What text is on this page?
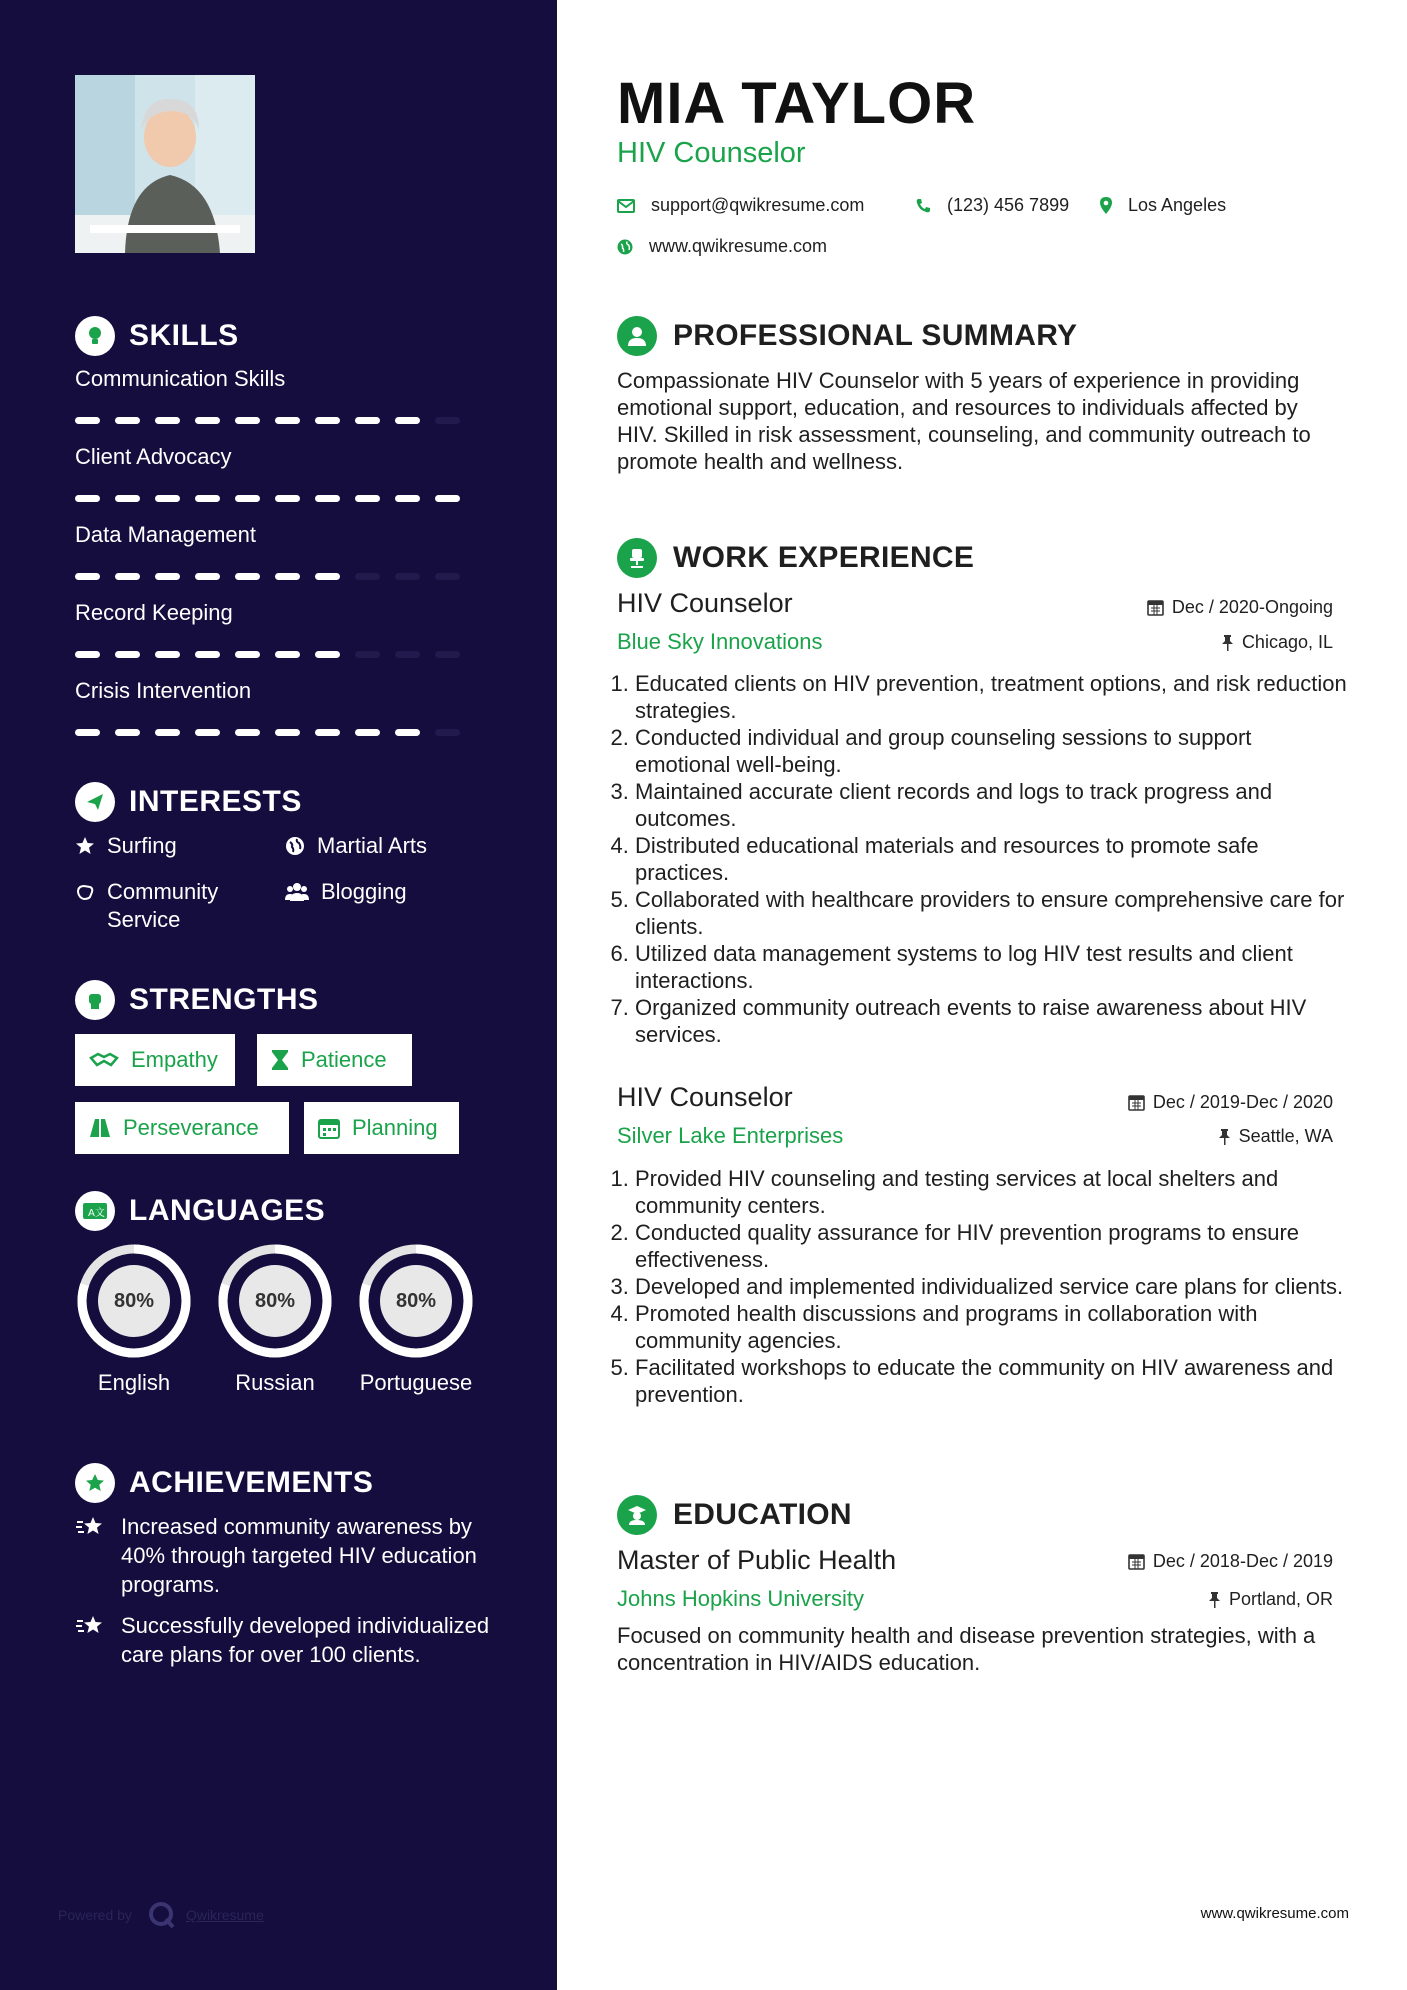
SKILLS
Communication Skills
Client Advocacy
Data Management
Record Keeping
Crisis Intervention
INTERESTS
Surfing	Martial Arts
Community Service
Blogging
STRENGTHS
Empathy	Patience
Perseverance	Planning
A文 LANGUAGES
80%
English
80%
Russian
80%
Portuguese
ACHIEVEMENTS
Increased community awareness by 40% through targeted HIV education programs.
Successfully developed individualized care plans for over 100 clients.
Powered by	Qwikresume
MIA TAYLOR
HIV Counselor
support@qwikresume.com	(123) 456 7899	Los Angeles
www.qwikresume.com
PROFESSIONAL SUMMARY
Compassionate HIV Counselor with 5 years of experience in providing emotional support, education, and resources to individuals affected by HIV. Skilled in risk assessment, counseling, and community outreach to promote health and wellness.
WORK EXPERIENCE
HIV Counselor	Dec / 2020-Ongoing
Blue Sky Innovations	Chicago, IL
1. Educated clients on HIV prevention, treatment options, and risk reduction strategies.
2. Conducted individual and group counseling sessions to support emotional well-being.
3. Maintained accurate client records and logs to track progress and outcomes.
4. Distributed educational materials and resources to promote safe practices.
5. Collaborated with healthcare providers to ensure comprehensive care for clients.
6. Utilized data management systems to log HIV test results and client interactions.
7. Organized community outreach events to raise awareness about HIV services.
HIV Counselor	Dec / 2019-Dec / 2020
Silver Lake Enterprises	Seattle, WA
1. Provided HIV counseling and testing services at local shelters and community centers.
2. Conducted quality assurance for HIV prevention programs to ensure effectiveness.
3. Developed and implemented individualized service care plans for clients.
4. Promoted health discussions and programs in collaboration with community agencies.
5. Facilitated workshops to educate the community on HIV awareness and prevention.
EDUCATION
Master of Public Health	Dec / 2018-Dec / 2019
Johns Hopkins University	Portland, OR
Focused on community health and disease prevention strategies, with a concentration in HIV/AIDS education.
www.qwikresume.com
